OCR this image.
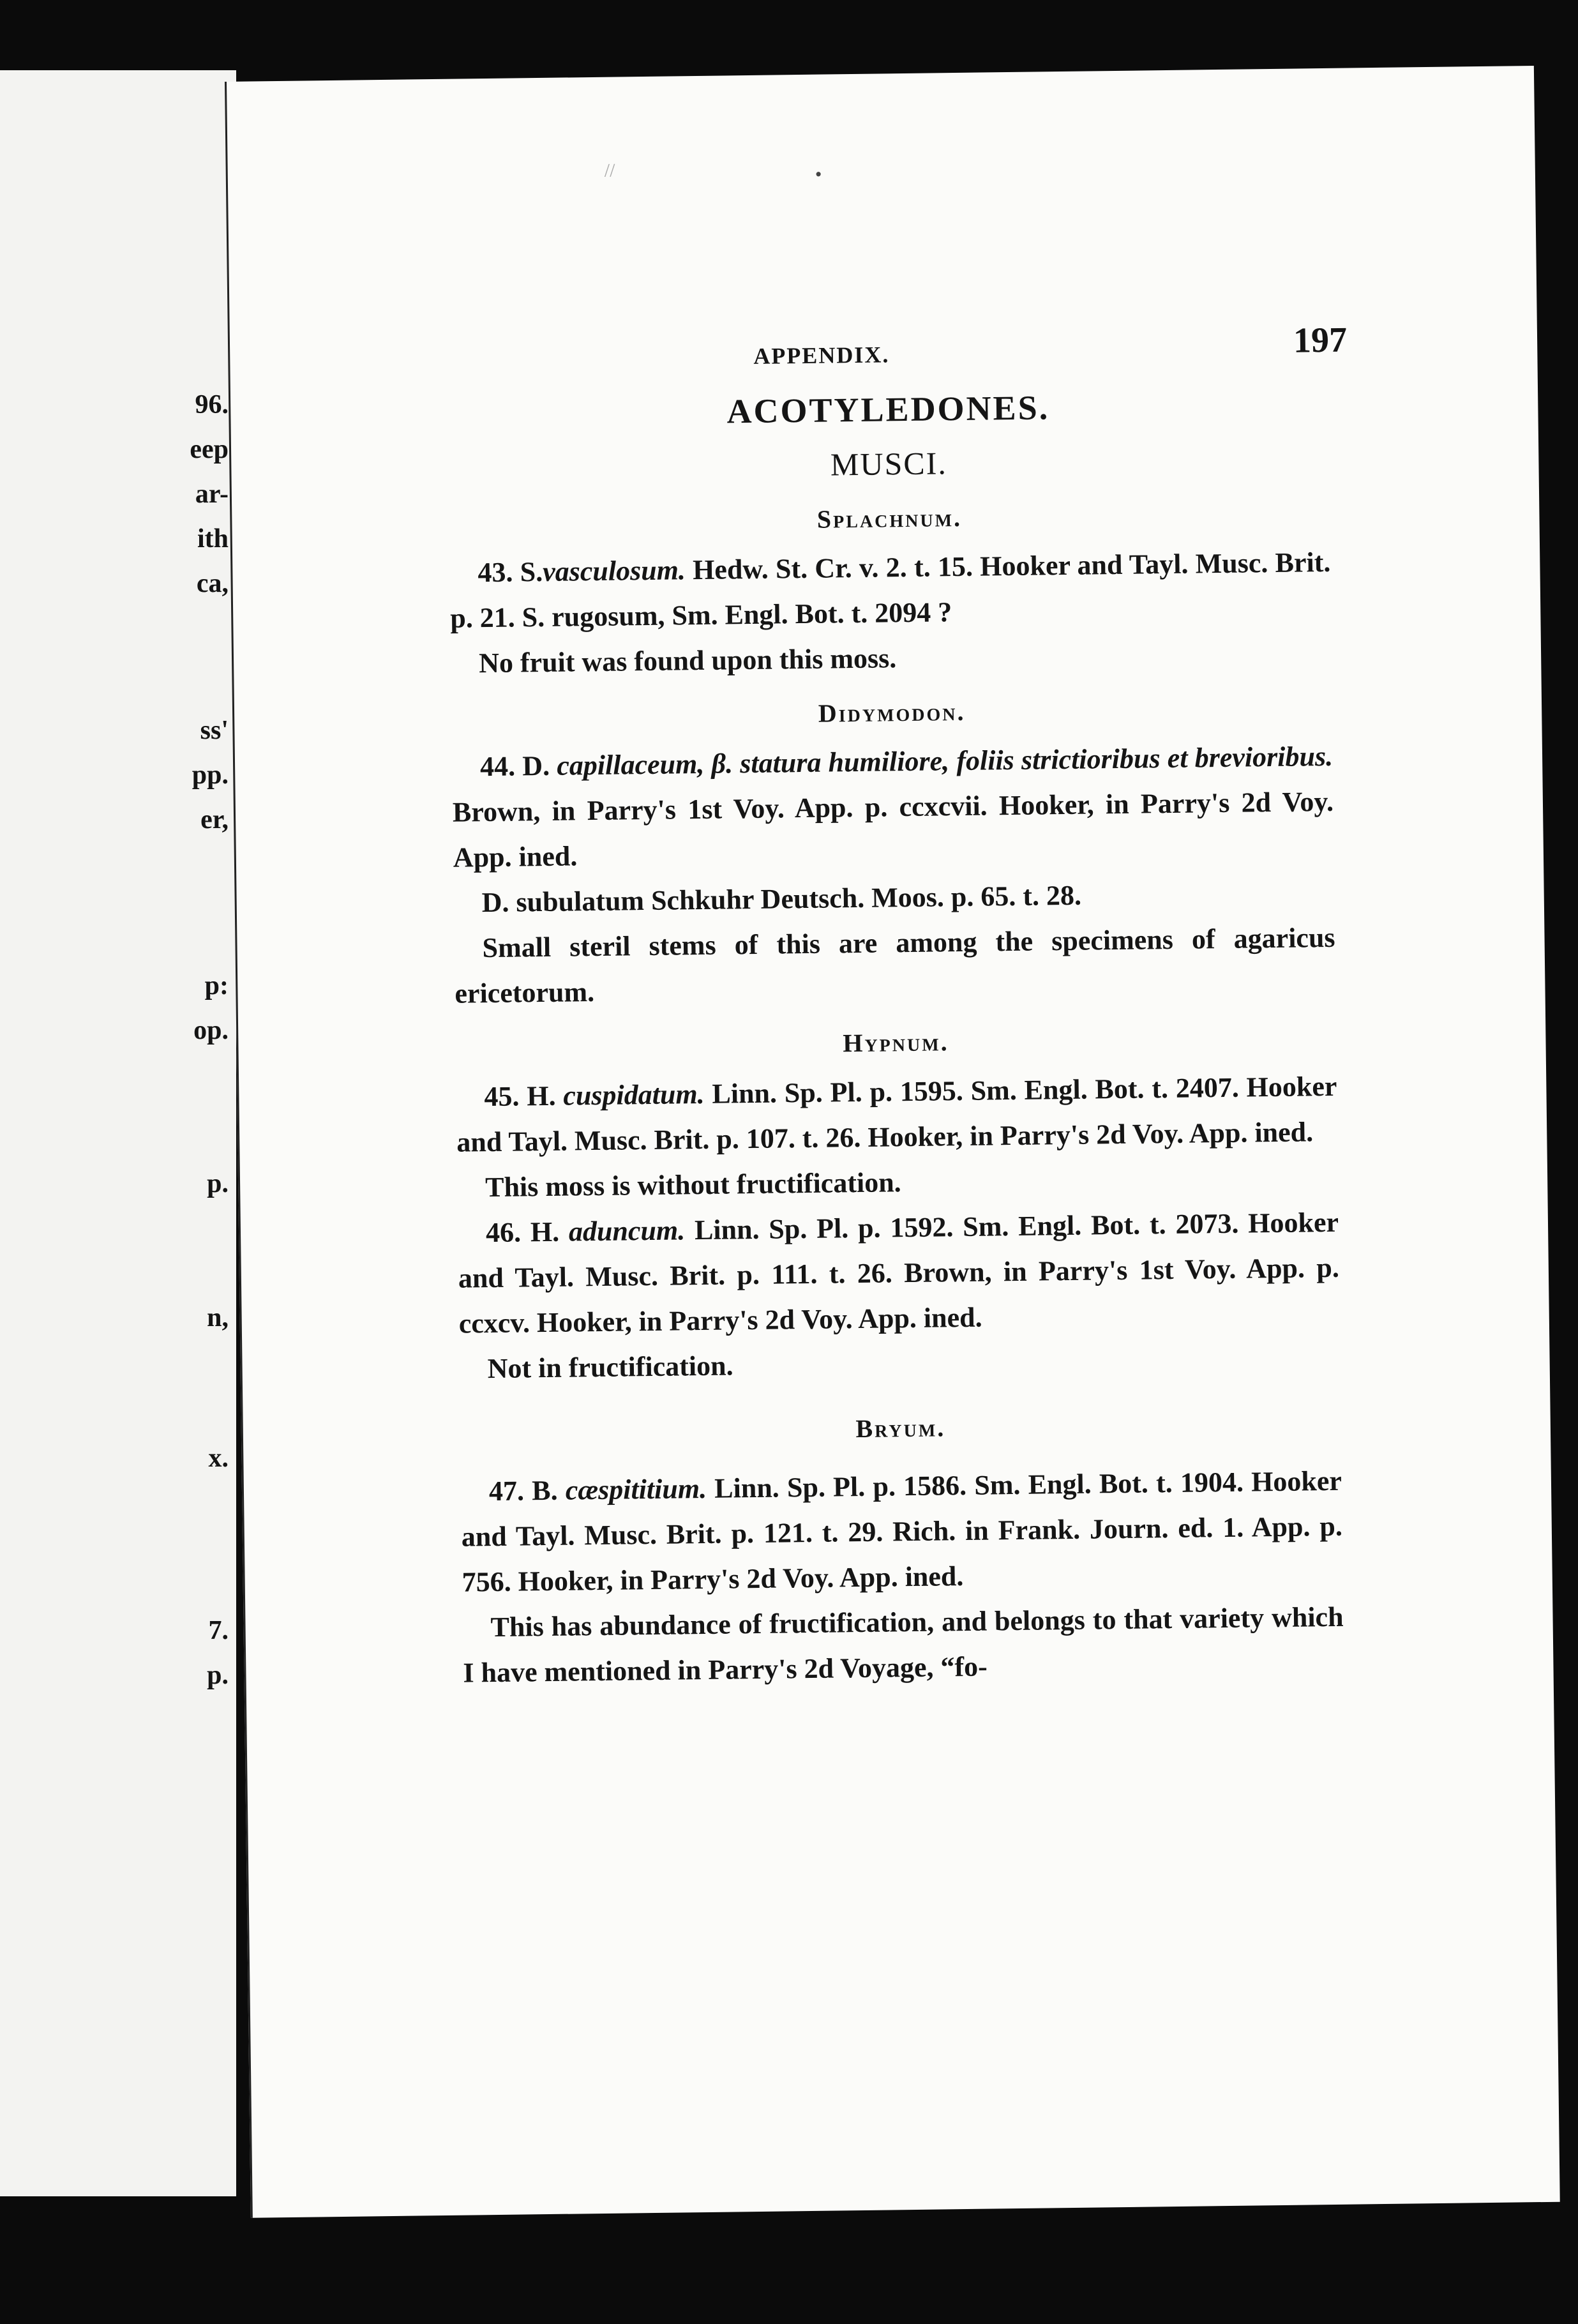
96.
eep
ar-
ith
ca,
ss'
pp.
er,
p:
op.
p.
n,
x.
7.
p.
//	•
APPENDIX.	197
ACOTYLEDONES.
MUSCI.
Splachnum.

43. S.vasculosum. Hedw. St. Cr. v. 2. t. 15. Hooker and Tayl. Musc. Brit. p. 21. S. rugosum, Sm. Engl. Bot. t. 2094 ?

No fruit was found upon this moss.

Didymodon.

44. D. capillaceum, β. statura humiliore, foliis strictioribus et brevioribus. Brown, in Parry's 1st Voy. App. p. ccxcvii. Hooker, in Parry's 2d Voy. App. ined.

D. subulatum Schkuhr Deutsch. Moos. p. 65. t. 28.

Small steril stems of this are among the specimens of agaricus ericetorum.

Hypnum.

45. H. cuspidatum. Linn. Sp. Pl. p. 1595. Sm. Engl. Bot. t. 2407. Hooker and Tayl. Musc. Brit. p. 107. t. 26. Hooker, in Parry's 2d Voy. App. ined.

This moss is without fructification.

46. H. aduncum. Linn. Sp. Pl. p. 1592. Sm. Engl. Bot. t. 2073. Hooker and Tayl. Musc. Brit. p. 111. t. 26. Brown, in Parry's 1st Voy. App. p. ccxcv. Hooker, in Parry's 2d Voy. App. ined.

Not in fructification.

Bryum.

47. B. cæspititium. Linn. Sp. Pl. p. 1586. Sm. Engl. Bot. t. 1904. Hooker and Tayl. Musc. Brit. p. 121. t. 29. Rich. in Frank. Journ. ed. 1. App. p. 756. Hooker, in Parry's 2d Voy. App. ined.

This has abundance of fructification, and belongs to that variety which I have mentioned in Parry's 2d Voyage, “fo-
